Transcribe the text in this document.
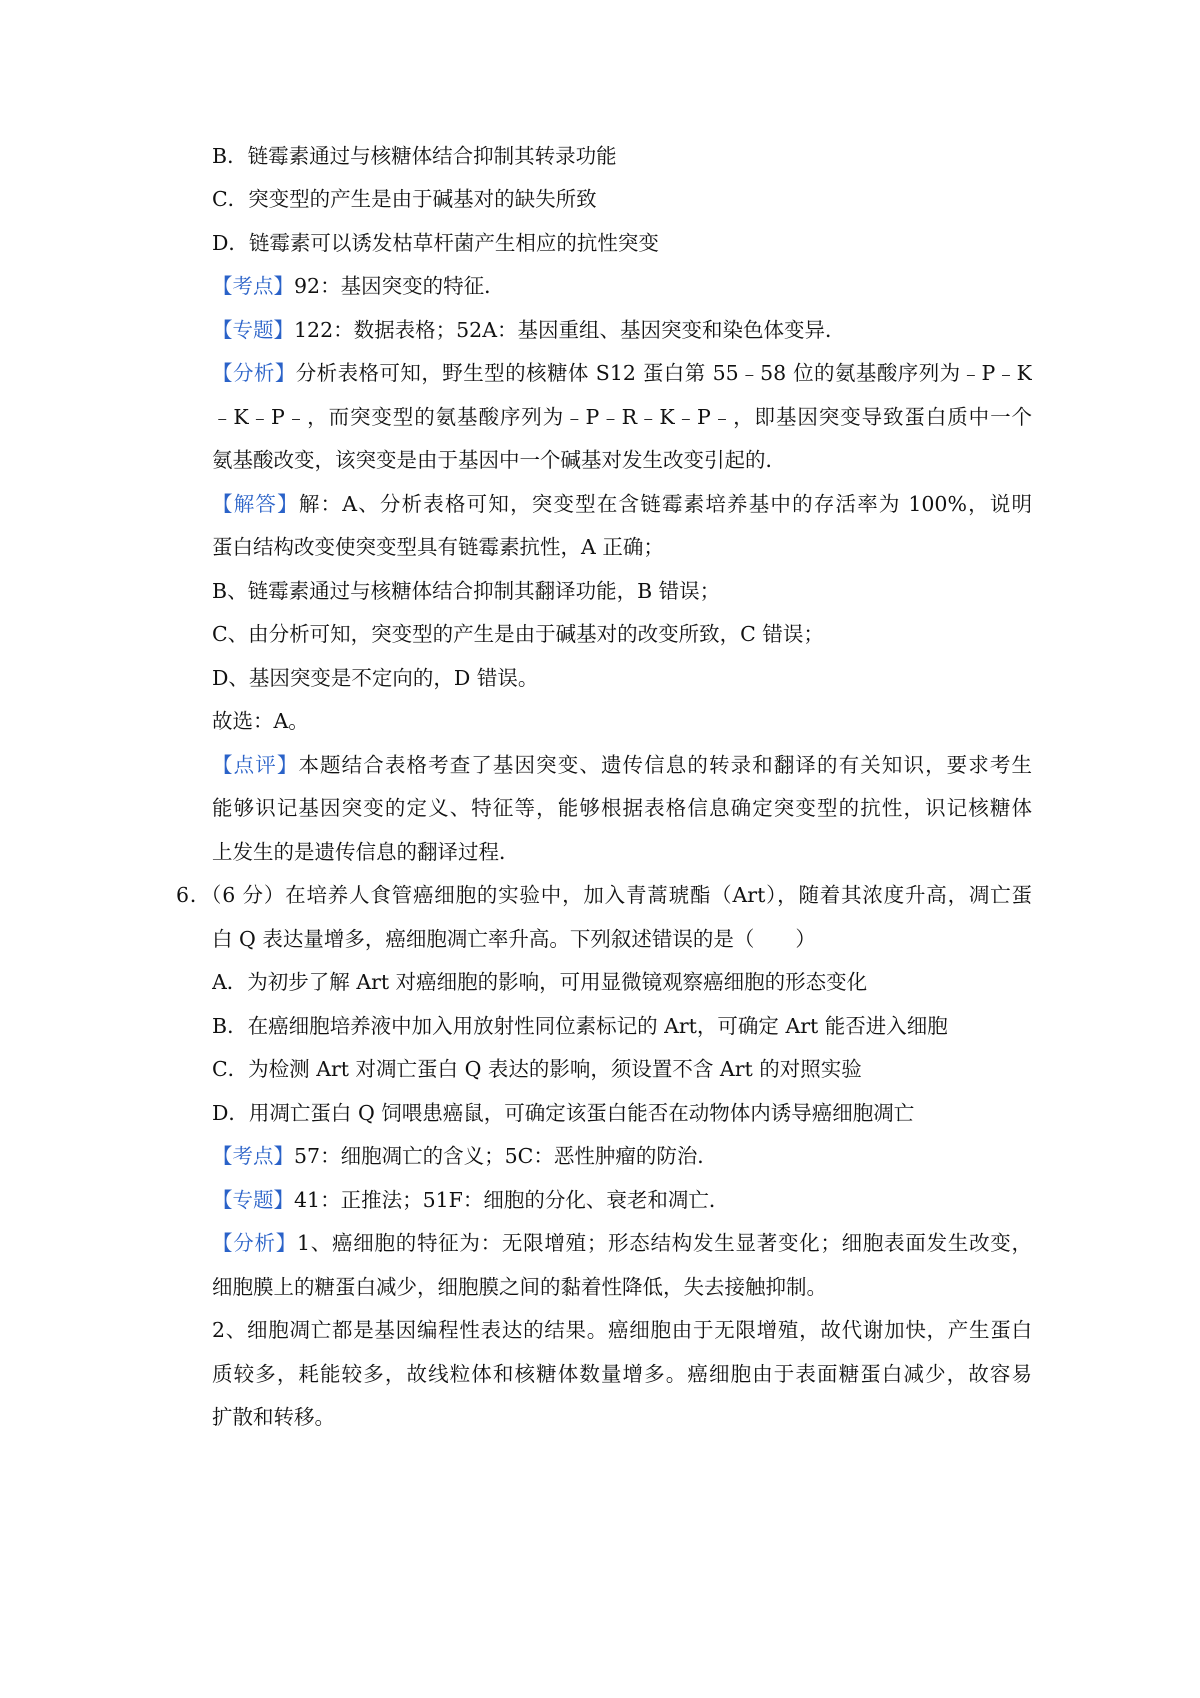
B．链霉素通过与核糖体结合抑制其转录功能
C．突变型的产生是由于碱基对的缺失所致
D．链霉素可以诱发枯草杆菌产生相应的抗性突变
【考点】92：基因突变的特征．
【专题】122：数据表格；52A：基因重组、基因突变和染色体变异．
【分析】分析表格可知，野生型的核糖体 S12 蛋白第 55﹣58 位的氨基酸序列为﹣P﹣K
﹣K﹣P﹣，而突变型的氨基酸序列为﹣P﹣R﹣K﹣P﹣，即基因突变导致蛋白质中一个
氨基酸改变，该突变是由于基因中一个碱基对发生改变引起的．
【解答】解：A、分析表格可知，突变型在含链霉素培养基中的存活率为 100%，说明
蛋白结构改变使突变型具有链霉素抗性，A 正确；
B、链霉素通过与核糖体结合抑制其翻译功能，B 错误；
C、由分析可知，突变型的产生是由于碱基对的改变所致，C 错误；
D、基因突变是不定向的，D 错误。
故选：A。
【点评】本题结合表格考查了基因突变、遗传信息的转录和翻译的有关知识，要求考生
能够识记基因突变的定义、特征等，能够根据表格信息确定突变型的抗性，识记核糖体
上发生的是遗传信息的翻译过程．
6．（6 分）在培养人食管癌细胞的实验中，加入青蒿琥酯（Art），随着其浓度升高，凋亡蛋
白 Q 表达量增多，癌细胞凋亡率升高。下列叙述错误的是（　　）
A．为初步了解 Art 对癌细胞的影响，可用显微镜观察癌细胞的形态变化
B．在癌细胞培养液中加入用放射性同位素标记的 Art，可确定 Art 能否进入细胞
C．为检测 Art 对凋亡蛋白 Q 表达的影响，须设置不含 Art 的对照实验
D．用凋亡蛋白 Q 饲喂患癌鼠，可确定该蛋白能否在动物体内诱导癌细胞凋亡
【考点】57：细胞凋亡的含义；5C：恶性肿瘤的防治．
【专题】41：正推法；51F：细胞的分化、衰老和凋亡．
【分析】1、癌细胞的特征为：无限增殖；形态结构发生显著变化；细胞表面发生改变，
细胞膜上的糖蛋白减少，细胞膜之间的黏着性降低，失去接触抑制。
2、细胞凋亡都是基因编程性表达的结果。癌细胞由于无限增殖，故代谢加快，产生蛋白
质较多，耗能较多，故线粒体和核糖体数量增多。癌细胞由于表面糖蛋白减少，故容易
扩散和转移。
